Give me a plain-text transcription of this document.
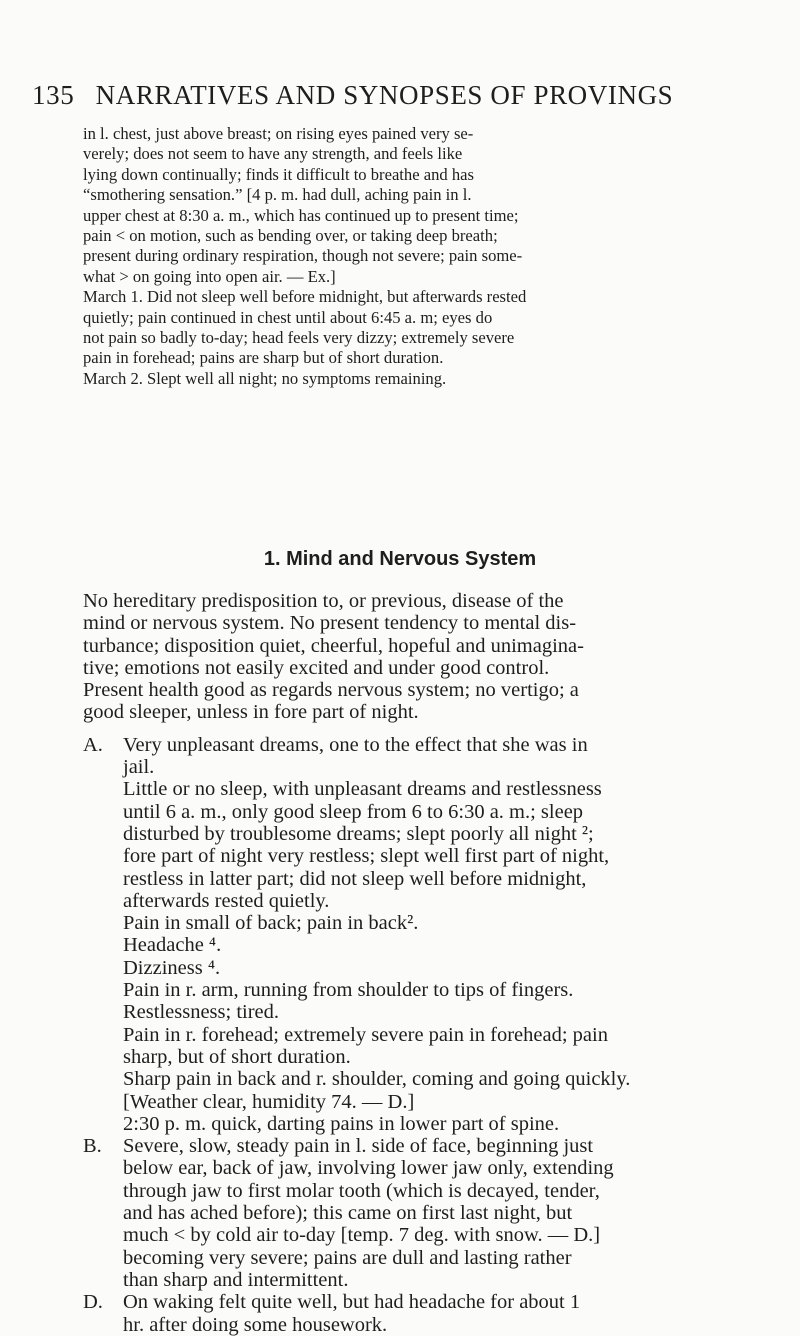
135 NARRATIVES AND SYNOPSES OF PROVINGS
in l. chest, just above breast; on rising eyes pained very se-
verely; does not seem to have any strength, and feels like
lying down continually; finds it difficult to breathe and has
“smothering sensation.” [4 p. m. had dull, aching pain in l.
upper chest at 8:30 a. m., which has continued up to present time;
pain < on motion, such as bending over, or taking deep breath;
present during ordinary respiration, though not severe; pain some-
what > on going into open air. — Ex.]
March 1. Did not sleep well before midnight, but afterwards rested
quietly; pain continued in chest until about 6:45 a. m; eyes do
not pain so badly to-day; head feels very dizzy; extremely severe
pain in forehead; pains are sharp but of short duration.
March 2. Slept well all night; no symptoms remaining.
1. Mind and Nervous System
No hereditary predisposition to, or previous, disease of the
mind or nervous system. No present tendency to mental dis-
turbance; disposition quiet, cheerful, hopeful and unimagina-
tive; emotions not easily excited and under good control.
Present health good as regards nervous system; no vertigo; a
good sleeper, unless in fore part of night.
A. Very unpleasant dreams, one to the effect that she was in
jail.
Little or no sleep, with unpleasant dreams and restlessness
until 6 a. m., only good sleep from 6 to 6:30 a. m.; sleep
disturbed by troublesome dreams; slept poorly all night ²;
fore part of night very restless; slept well first part of night,
restless in latter part; did not sleep well before midnight,
afterwards rested quietly.
Pain in small of back; pain in back².
Headache ⁴.
Dizziness ⁴.
Pain in r. arm, running from shoulder to tips of fingers.
Restlessness; tired.
Pain in r. forehead; extremely severe pain in forehead; pain
sharp, but of short duration.
Sharp pain in back and r. shoulder, coming and going quickly.
[Weather clear, humidity 74. — D.]
2:30 p. m. quick, darting pains in lower part of spine.
B. Severe, slow, steady pain in l. side of face, beginning just
below ear, back of jaw, involving lower jaw only, extending
through jaw to first molar tooth (which is decayed, tender,
and has ached before); this came on first last night, but
much < by cold air to-day [temp. 7 deg. with snow. — D.]
becoming very severe; pains are dull and lasting rather
than sharp and intermittent.
D. On waking felt quite well, but had headache for about 1
hr. after doing some housework.
